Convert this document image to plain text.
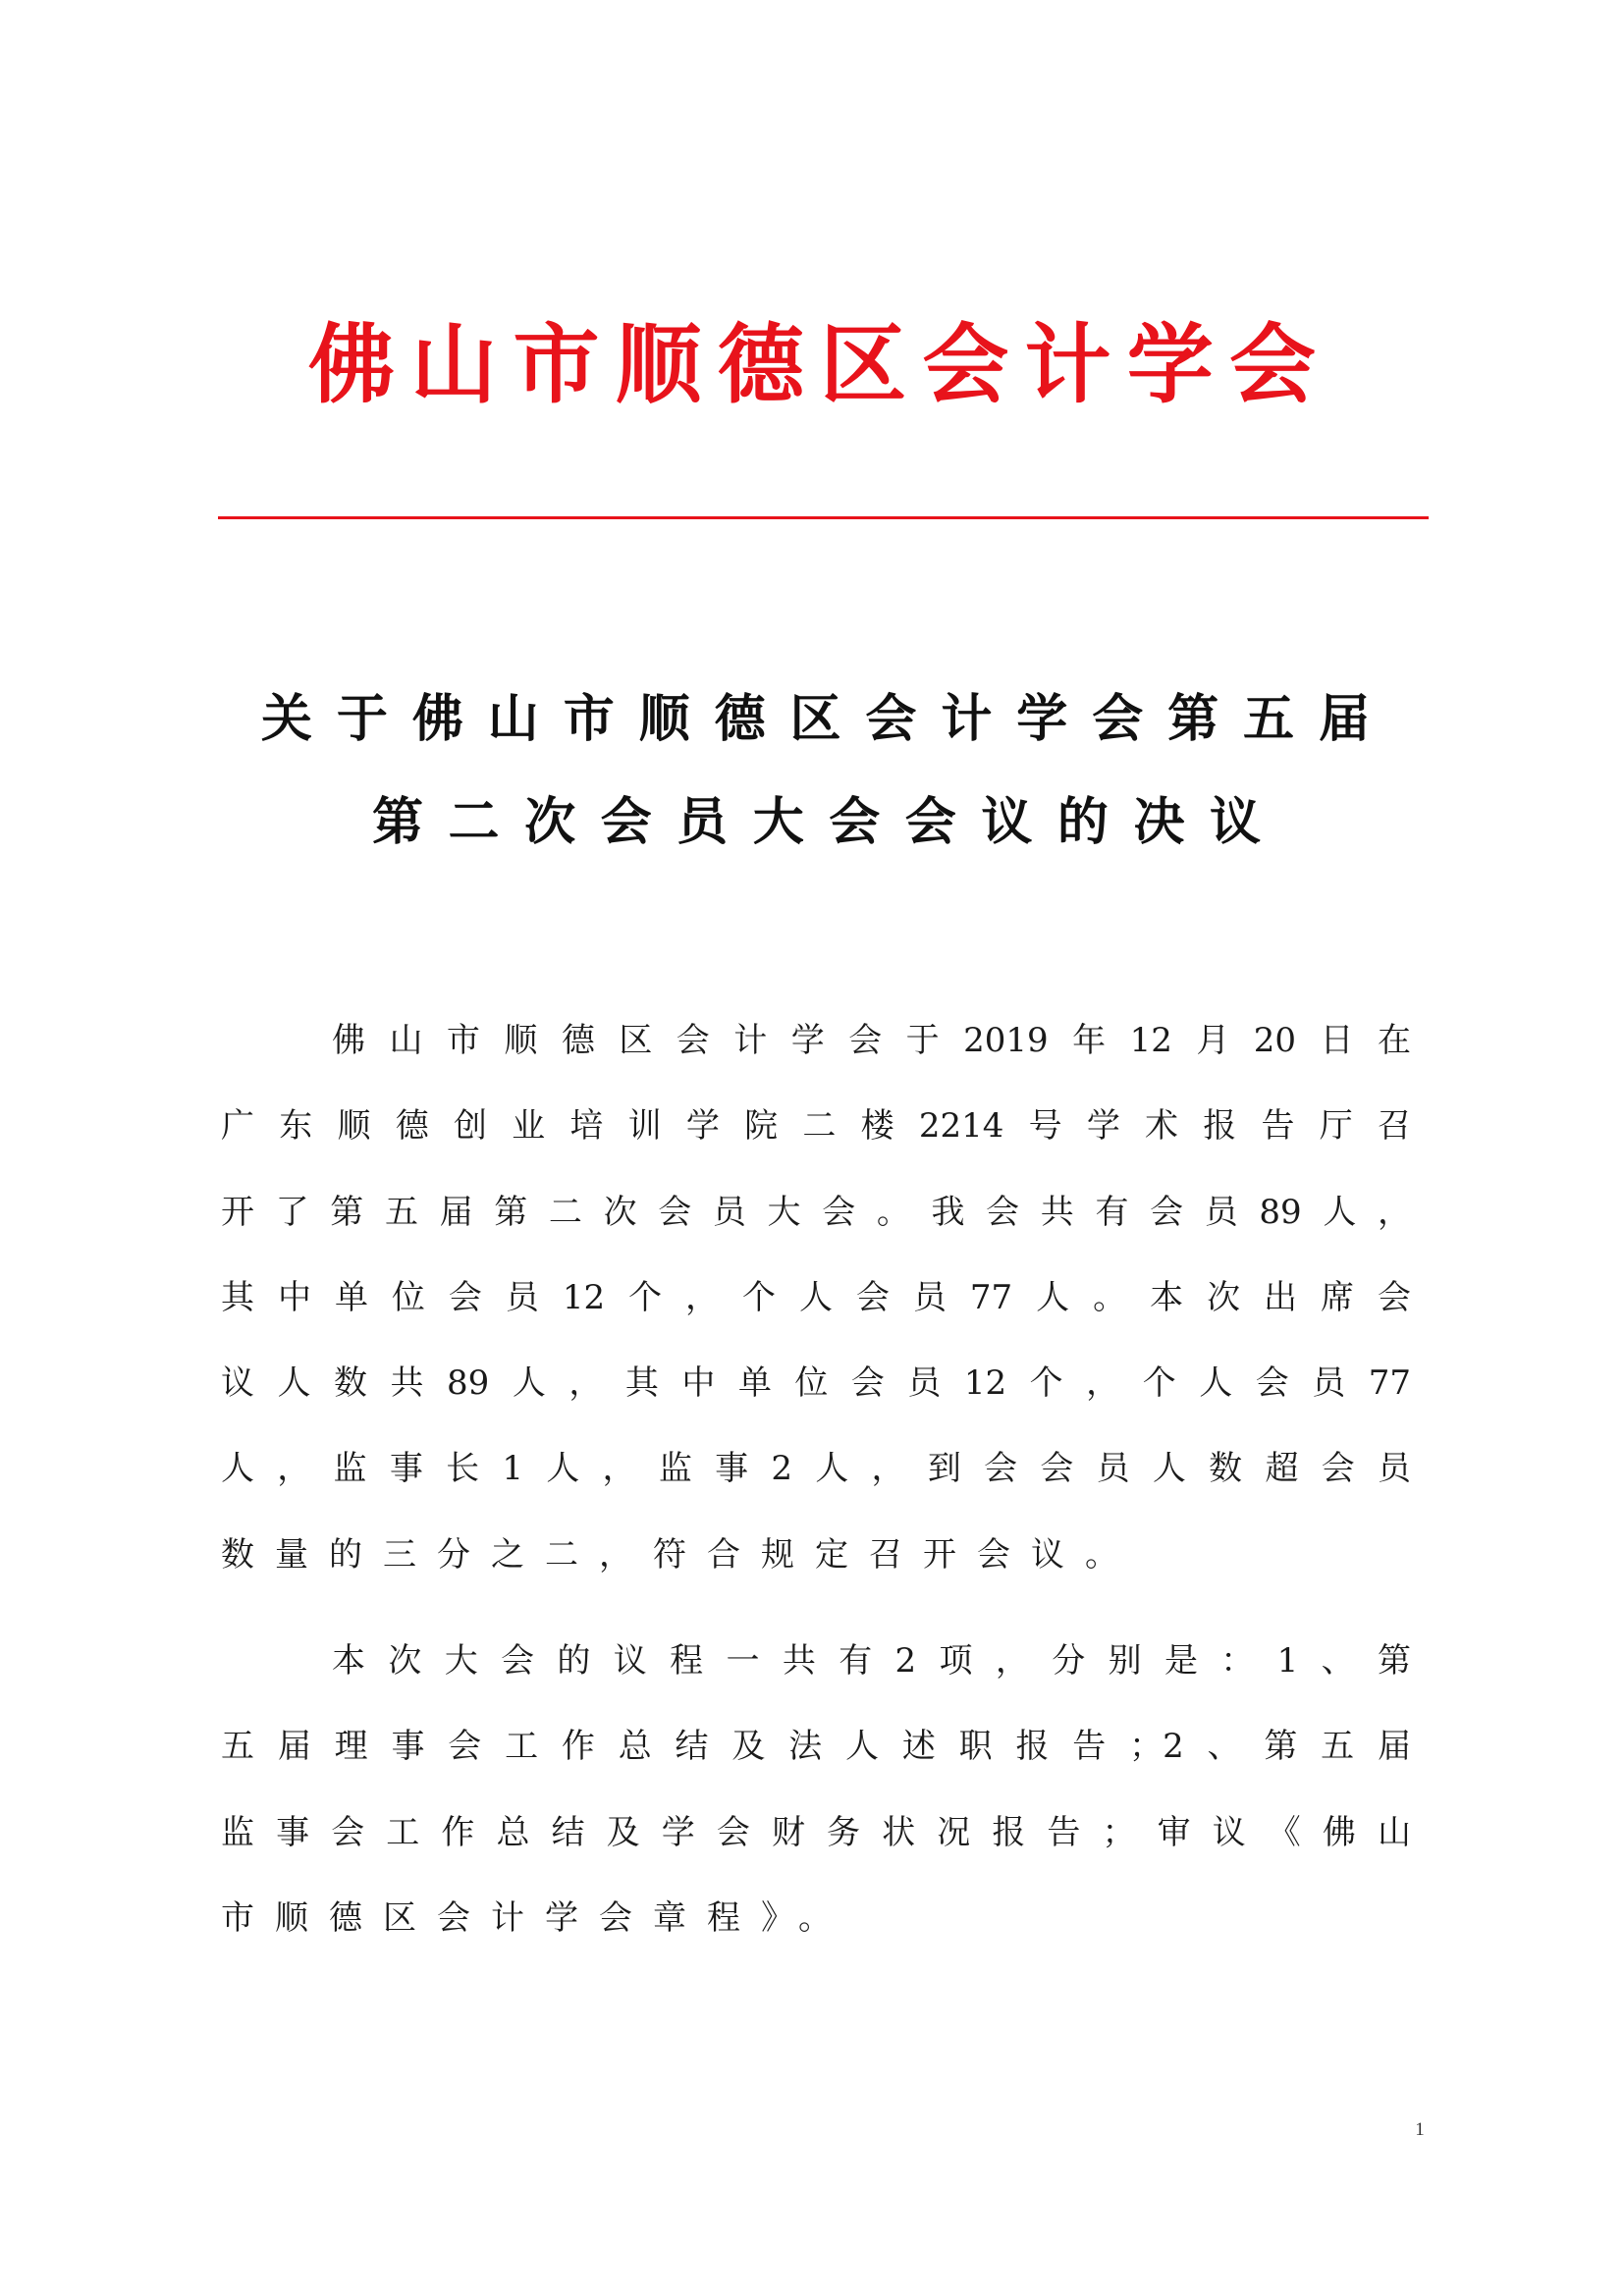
佛山市顺德区会计学会
关于佛山市顺德区会计学会第五届
第二次会员大会会议的决议
佛山市顺德区会计学会于2019年12月20日在
广东顺德创业培训学院二楼2214号学术报告厅召
开了第五届第二次会员大会。我会共有会员89人，
其中单位会员12个，个人会员77人。本次出席会
议人数共89人，其中单位会员12个，个人会员77
人，监事长1人，监事2人，到会会员人数超会员
数量的三分之二，符合规定召开会议。
本次大会的议程一共有2项，分别是：1、第
五届理事会工作总结及法人述职报告；2、第五届
监事会工作总结及学会财务状况报告；审议《佛山
市顺德区会计学会章程》。
1
